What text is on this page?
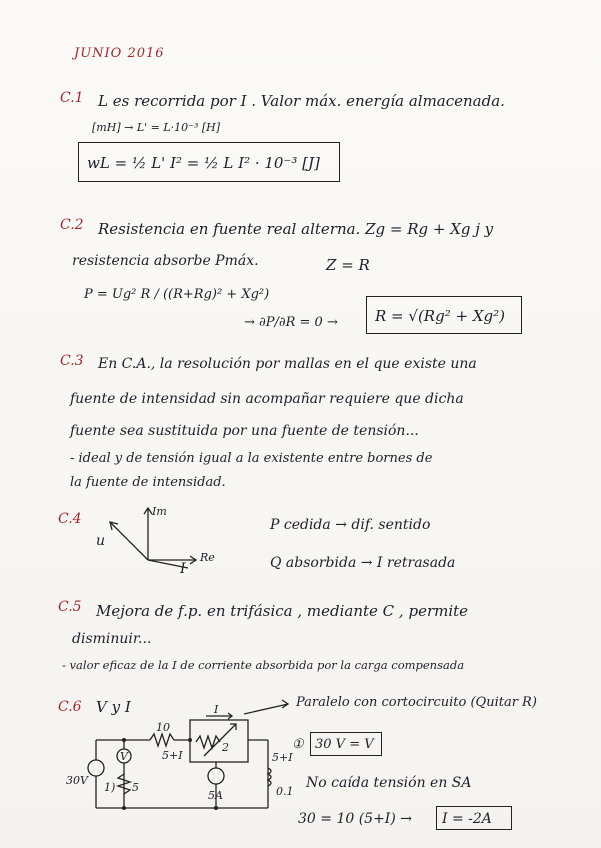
JUNIO 2016
C.1 L es recorrida por I . Valor máx. energía almacenada.
[mH] → L' = L·10⁻³ [H]
wL = ½ L' I² = ½ L I² · 10⁻³ [J]
C.2 Resistencia en fuente real alterna. Zg = Rg + Xg j y
resistencia absorbe Pmáx.	Z = R
P = Ug² R / ((R+Rg)² + Xg²)
→ ∂P/∂R = 0 →	R = √(Rg² + Xg²)
C.3 En C.A., la resolución por mallas en el que existe una
fuente de intensidad sin acompañar requiere que dicha
fuente sea sustituida por una fuente de tensión...
- ideal y de tensión igual a la existente entre bornes de
la fuente de intensidad.
C.4	Im
Re
u
I
P cedida → dif. sentido
Q absorbida → I retrasada
C.5 Mejora de f.p. en trifásica , mediante C , permite
disminuir...
- valor eficaz de la I de corriente absorbida por la carga compensada
C.6 V y I
30V
10
5+I	5+I
5A
I
2
5	0.1
1)
V
Paralelo con cortocircuito (Quitar R)
① 30 V = V
No caída tensión en SA
30 = 10 (5+I) →	I = -2A
